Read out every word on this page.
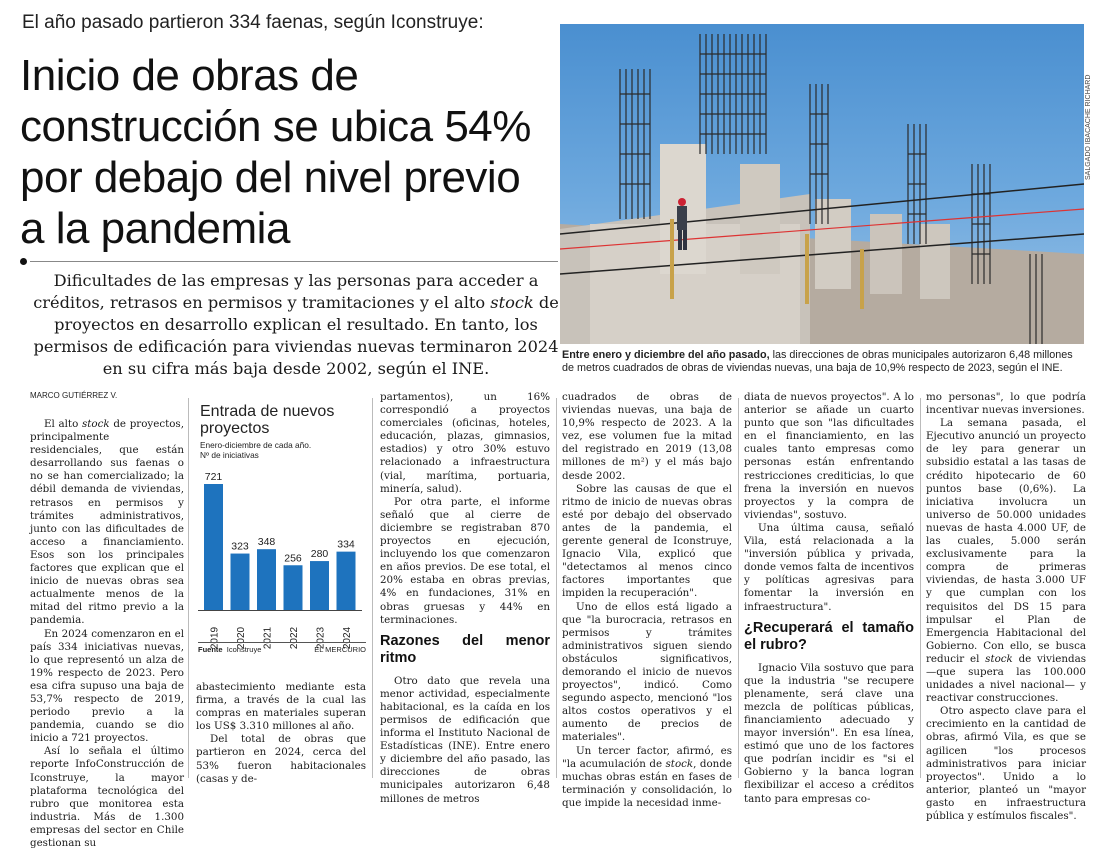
El año pasado partieron 334 faenas, según Iconstruye:
Inicio de obras de
construcción se ubica 54%
por debajo del nivel previo
a la pandemia
Dificultades de las empresas y las personas para acceder a créditos, retrasos en permisos y tramitaciones y el alto stock de proyectos en desarrollo explican el resultado. En tanto, los permisos de edificación para viviendas nuevas terminaron 2024 en su cifra más baja desde 2002, según el INE.
SALGADO IBACACHE RICHARD
Entre enero y diciembre del año pasado, las direcciones de obras municipales autorizaron 6,48 millones de metros cuadrados de obras de viviendas nuevas, una baja de 10,9% respecto de 2023, según el INE.
MARCO GUTIÉRREZ V.

El alto stock de proyectos, principalmente residenciales, que están desarrollando sus faenas o no se han comercializado; la débil demanda de viviendas, retrasos en permisos y trámites administrativos, junto con las dificultades de acceso a financiamiento. Esos son los principales factores que explican que el inicio de nuevas obras sea actualmente menos de la mitad del ritmo previo a la pandemia.

En 2024 comenzaron en el país 334 iniciativas nuevas, lo que representó un alza de 19% respecto de 2023. Pero esa cifra supuso una baja de 53,7% respecto de 2019, periodo previo a la pandemia, cuando se dio inicio a 721 proyectos.

Así lo señala el último reporte InfoConstrucción de Iconstruye, la mayor plataforma tecnológica del rubro que monitorea esta industria. Más de 1.300 empresas del sector en Chile gestionan su

Entrada de nuevos proyectos
Enero-diciembre de cada año.
Nº de iniciativas
721
2019
323
2020
348
2021
256
2022
280
2023
334
2024
Fuente Iconstruye	EL MERCURIO

abastecimiento mediante esta firma, a través de la cual las compras en materiales superan los US$ 3.310 millones al año.

Del total de obras que partieron en 2024, cerca del 53% fueron habitacionales (casas y de-

partamentos), un 16% correspondió a proyectos comerciales (oficinas, hoteles, educación, plazas, gimnasios, estadios) y otro 30% estuvo relacionado a infraestructura (vial, marítima, portuaria, minería, salud).

Por otra parte, el informe señaló que al cierre de diciembre se registraban 870 proyectos en ejecución, incluyendo los que comenzaron en años previos. De ese total, el 20% estaba en obras previas, 4% en fundaciones, 31% en obras gruesas y 44% en terminaciones.

Razones del menor ritmo

Otro dato que revela una menor actividad, especialmente habitacional, es la caída en los permisos de edificación que informa el Instituto Nacional de Estadísticas (INE). Entre enero y diciembre del año pasado, las direcciones de obras municipales autorizaron 6,48 millones de metros

cuadrados de obras de viviendas nuevas, una baja de 10,9% respecto de 2023. A la vez, ese volumen fue la mitad del registrado en 2019 (13,08 millones de m²) y el más bajo desde 2002.

Sobre las causas de que el ritmo de inicio de nuevas obras esté por debajo del observado antes de la pandemia, el gerente general de Iconstruye, Ignacio Vila, explicó que "detectamos al menos cinco factores importantes que impiden la recuperación".

Uno de ellos está ligado a que "la burocracia, retrasos en permisos y trámites administrativos siguen siendo obstáculos significativos, demorando el inicio de nuevos proyectos", indicó. Como segundo aspecto, mencionó "los altos costos operativos y el aumento de precios de materiales".

Un tercer factor, afirmó, es "la acumulación de stock, donde muchas obras están en fases de terminación y consolidación, lo que impide la necesidad inme-

diata de nuevos proyectos". A lo anterior se añade un cuarto punto que son "las dificultades en el financiamiento, en las cuales tanto empresas como personas están enfrentando restricciones crediticias, lo que frena la inversión en nuevos proyectos y la compra de viviendas", sostuvo.

Una última causa, señaló Vila, está relacionada a la "inversión pública y privada, donde vemos falta de incentivos y políticas agresivas para fomentar la inversión en infraestructura".

¿Recuperará el tamaño el rubro?

Ignacio Vila sostuvo que para que la industria "se recupere plenamente, será clave una mezcla de políticas públicas, financiamiento adecuado y mayor inversión". En esa línea, estimó que uno de los factores que podrían incidir es "si el Gobierno y la banca logran flexibilizar el acceso a créditos tanto para empresas co-

mo personas", lo que podría incentivar nuevas inversiones.

La semana pasada, el Ejecutivo anunció un proyecto de ley para generar un subsidio estatal a las tasas de crédito hipotecario de 60 puntos base (0,6%). La iniciativa involucra un universo de 50.000 unidades nuevas de hasta 4.000 UF, de las cuales, 5.000 serán exclusivamente para la compra de primeras viviendas, de hasta 3.000 UF y que cumplan con los requisitos del DS 15 para impulsar el Plan de Emergencia Habitacional del Gobierno. Con ello, se busca reducir el stock de viviendas —que supera las 100.000 unidades a nivel nacional— y reactivar construcciones.

Otro aspecto clave para el crecimiento en la cantidad de obras, afirmó Vila, es que se agilicen "los procesos administrativos para iniciar proyectos". Unido a lo anterior, planteó un "mayor gasto en infraestructura pública y estímulos fiscales".
